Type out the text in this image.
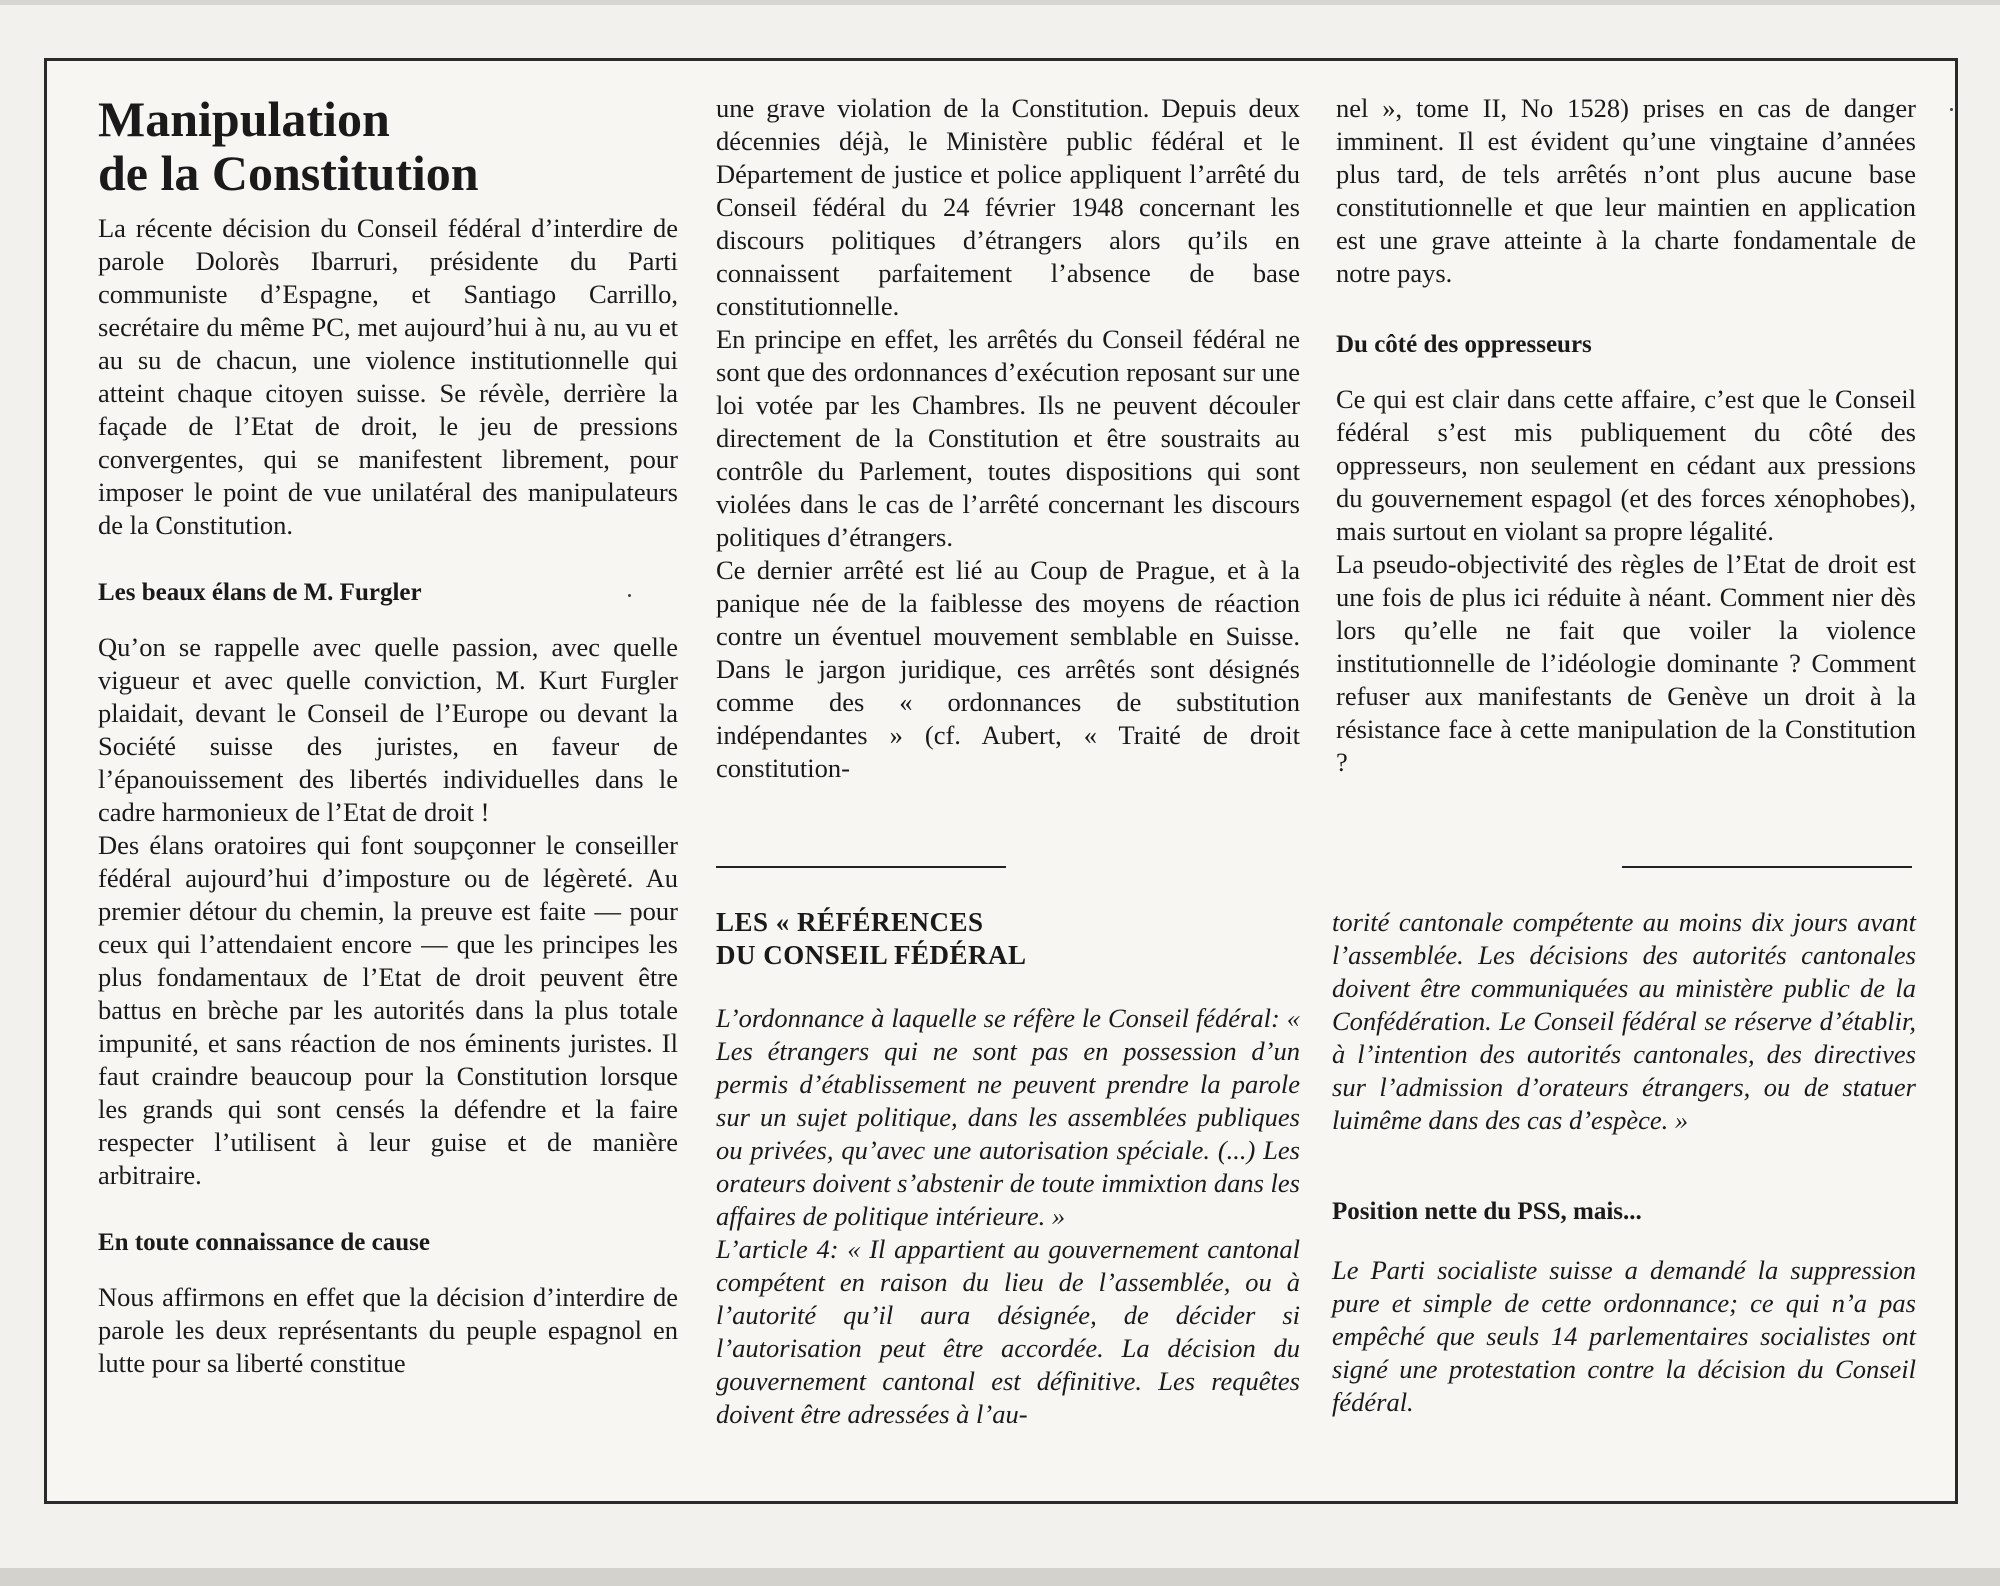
Manipulation
de la Constitution

La récente décision du Conseil fédéral d’interdire de parole Dolorès Ibarruri, présidente du Parti communiste d’Espagne, et Santiago Carrillo, secrétaire du même PC, met aujourd’hui à nu, au vu et au su de chacun, une violence institutionnelle qui atteint chaque citoyen suisse. Se révèle, derrière la façade de l’Etat de droit, le jeu de pressions convergentes, qui se manifestent librement, pour imposer le point de vue unilatéral des manipulateurs de la Constitution.

Les beaux élans de M. Furgler

Qu’on se rappelle avec quelle passion, avec quelle vigueur et avec quelle conviction, M. Kurt Furgler plaidait, devant le Conseil de l’Europe ou devant la Société suisse des juristes, en faveur de l’épanouissement des libertés individuelles dans le cadre harmonieux de l’Etat de droit !

Des élans oratoires qui font soupçonner le conseiller fédéral aujourd’hui d’imposture ou de légèreté. Au premier détour du chemin, la preuve est faite — pour ceux qui l’attendaient encore — que les principes les plus fondamentaux de l’Etat de droit peuvent être battus en brèche par les autorités dans la plus totale impunité, et sans réaction de nos éminents juristes. Il faut craindre beaucoup pour la Constitution lorsque les grands qui sont censés la défendre et la faire respecter l’utilisent à leur guise et de manière arbitraire.

En toute connaissance de cause

Nous affirmons en effet que la décision d’interdire de parole les deux représentants du peuple espagnol en lutte pour sa liberté constitue

une grave violation de la Constitution. Depuis deux décennies déjà, le Ministère public fédéral et le Département de justice et police appliquent l’arrêté du Conseil fédéral du 24 février 1948 concernant les discours politiques d’étrangers alors qu’ils en connaissent parfaitement l’absence de base constitutionnelle.

En principe en effet, les arrêtés du Conseil fédéral ne sont que des ordonnances d’exécution reposant sur une loi votée par les Chambres. Ils ne peuvent découler directement de la Constitution et être soustraits au contrôle du Parlement, toutes dispositions qui sont violées dans le cas de l’arrêté concernant les discours politiques d’étrangers.

Ce dernier arrêté est lié au Coup de Prague, et à la panique née de la faiblesse des moyens de réaction contre un éventuel mouvement semblable en Suisse. Dans le jargon juridique, ces arrêtés sont désignés comme des « ordonnances de substitution indépendantes » (cf. Aubert, « Traité de droit constitution-

nel », tome II, No 1528) prises en cas de danger imminent. Il est évident qu’une vingtaine d’années plus tard, de tels arrêtés n’ont plus aucune base constitutionnelle et que leur maintien en application est une grave atteinte à la charte fondamentale de notre pays.

Du côté des oppresseurs

Ce qui est clair dans cette affaire, c’est que le Conseil fédéral s’est mis publiquement du côté des oppresseurs, non seulement en cédant aux pressions du gouvernement espagol (et des forces xénophobes), mais surtout en violant sa propre légalité.

La pseudo-objectivité des règles de l’Etat de droit est une fois de plus ici réduite à néant. Comment nier dès lors qu’elle ne fait que voiler la violence institutionnelle de l’idéologie dominante ? Comment refuser aux manifestants de Genève un droit à la résistance face à cette manipulation de la Constitution ?

LES « RÉFÉRENCES
DU CONSEIL FÉDÉRAL

L’ordonnance à laquelle se réfère le Conseil fédéral: « Les étrangers qui ne sont pas en possession d’un permis d’établissement ne peuvent prendre la parole sur un sujet politique, dans les assemblées publiques ou privées, qu’avec une autorisation spéciale. (...) Les orateurs doivent s’abstenir de toute immixtion dans les affaires de politique intérieure. »

L’article 4: « Il appartient au gouvernement cantonal compétent en raison du lieu de l’assemblée, ou à l’autorité qu’il aura désignée, de décider si l’autorisation peut être accordée. La décision du gouvernement cantonal est définitive. Les requêtes doivent être adressées à l’au-

torité cantonale compétente au moins dix jours avant l’assemblée. Les décisions des autorités cantonales doivent être communiquées au ministère public de la Confédération. Le Conseil fédéral se réserve d’établir, à l’intention des autorités cantonales, des directives sur l’admission d’orateurs étrangers, ou de statuer luimême dans des cas d’espèce. »

Position nette du PSS, mais...

Le Parti socialiste suisse a demandé la suppression pure et simple de cette ordonnance; ce qui n’a pas empêché que seuls 14 parlementaires socialistes ont signé une protestation contre la décision du Conseil fédéral.
